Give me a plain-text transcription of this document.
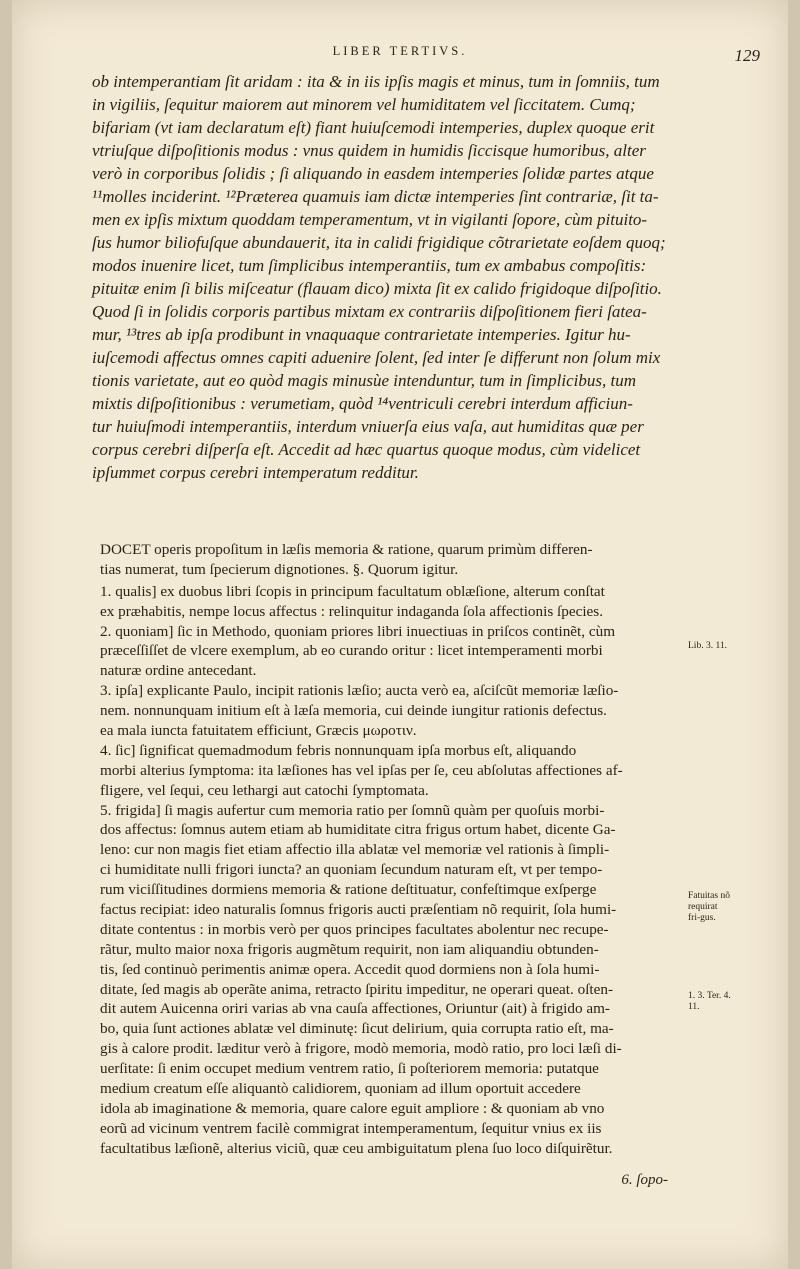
LIBER TERTIVS.	129
ob intemperantiam ſit aridam : ita & in iis ipſis magis et minus, tum in ſomniis, tum
in vigiliis, ſequitur maiorem aut minorem vel humiditatem vel ſiccitatem. Cumq;
bifariam (vt iam declaratum eſt) fiant huiuſcemodi intemperies, duplex quoque erit
vtriuſque diſpoſitionis modus : vnus quidem in humidis ſiccisque humoribus, alter
verò in corporibus ſolidis ; ſi aliquando in easdem intemperies ſolidæ partes atque
¹¹molles inciderint. ¹²Præterea quamuis iam dictæ intemperies ſint contrariæ, ſit ta-
men ex ipſis mixtum quoddam temperamentum, vt in vigilanti ſopore, cùm pituito-
ſus humor biliofuſque abundauerit, ita in calidi frigidique cõtrarietate eoſdem quoq;
modos inuenire licet, tum ſimplicibus intemperantiis, tum ex ambabus compoſitis:
pituitæ enim ſi bilis miſceatur (flauam dico) mixta ſit ex calido frigidoque diſpoſitio.
Quod ſi in ſolidis corporis partibus mixtam ex contrariis diſpoſitionem fieri ſatea-
mur, ¹³tres ab ipſa prodibunt in vnaquaque contrarietate intemperies. Igitur hu-
iuſcemodi affectus omnes capiti aduenire ſolent, ſed inter ſe differunt non ſolum mix
tionis varietate, aut eo quòd magis minusùe intenduntur, tum in ſimplicibus, tum
mixtis diſpoſitionibus : verumetiam, quòd ¹⁴ventriculi cerebri interdum afficiun-
tur huiuſmodi intemperantiis, interdum vniuerſa eius vaſa, aut humiditas quæ per
corpus cerebri diſperſa eſt. Accedit ad hæc quartus quoque modus, cùm videlicet
ipſummet corpus cerebri intemperatum redditur.
DOCET operis propoſitum in læſis memoria & ratione, quarum primùm differen-
tias numerat, tum ſpecierum dignotiones. §. Quorum igitur.
1. qualis] ex duobus libri ſcopis in principum facultatum oblæſione, alterum conſtat
ex præhabitis, nempe locus affectus : relinquitur indaganda ſola affectionis ſpecies.
2. quoniam] ſic in Methodo, quoniam priores libri inuectiuas in priſcos continẽt, cùm
præceſſiſſet de vlcere exemplum, ab eo curando oritur : licet intemperamenti morbi
naturæ ordine antecedant.
3. ipſa] explicante Paulo, incipit rationis læſio; aucta verò ea, aſciſcũt memoriæ læſio-
nem. nonnunquam initium eſt à læſa memoria, cui deinde iungitur rationis defectus.
ea mala iuncta fatuitatem efficiunt, Græcis μωροτιν.
4. ſic] ſignificat quemadmodum febris nonnunquam ipſa morbus eſt, aliquando
morbi alterius ſymptoma: ita læſiones has vel ipſas per ſe, ceu abſolutas affectiones af-
fligere, vel ſequi, ceu lethargi aut catochi ſymptomata.
5. frigida] ſi magis aufertur cum memoria ratio per ſomnũ quàm per quoſuis morbi-
dos affectus: ſomnus autem etiam ab humiditate citra frigus ortum habet, dicente Ga-
leno: cur non magis fiet etiam affectio illa ablatæ vel memoriæ vel rationis à ſimpli-
ci humiditate nulli frigori iuncta? an quoniam ſecundum naturam eſt, vt per tempo-
rum viciſſitudines dormiens memoria & ratione deſtituatur, confeſtimque exſperge
factus recipiat: ideo naturalis ſomnus frigoris aucti præſentiam nõ requirit, ſola humi-
ditate contentus : in morbis verò per quos principes facultates abolentur nec recupe-
rãtur, multo maior noxa frigoris augmẽtum requirit, non iam aliquandiu obtunden-
tis, ſed continuò perimentis animæ opera. Accedit quod dormiens non à ſola humi-
ditate, ſed magis ab operãte anima, retracto ſpiritu impeditur, ne operari queat. oſten-
dit autem Auicenna oriri varias ab vna cauſa affectiones, Oriuntur (ait) à frigido am-
bo, quia ſunt actiones ablatæ vel diminutę: ſicut delirium, quia corrupta ratio eſt, ma-
gis à calore prodit. læditur verò à frigore, modò memoria, modò ratio, pro loci læſi di-
uerſitate: ſi enim occupet medium ventrem ratio, ſi poſteriorem memoria: putatque
medium creatum eſſe aliquantò calidiorem, quoniam ad illum oportuit accedere
idola ab imaginatione & memoria, quare calore eguit ampliore : & quoniam ab vno
eorũ ad vicinum ventrem facilè commigrat intemperamentum, ſequitur vnius ex iis
facultatibus læſionẽ, alterius viciũ, quæ ceu ambiguitatum plena ſuo loco diſquirẽtur.
6. ſopo-
Lib. 3. 11.
Fatuitas nõ requirat fri-gus.
1. 3. Ter. 4. 11.
